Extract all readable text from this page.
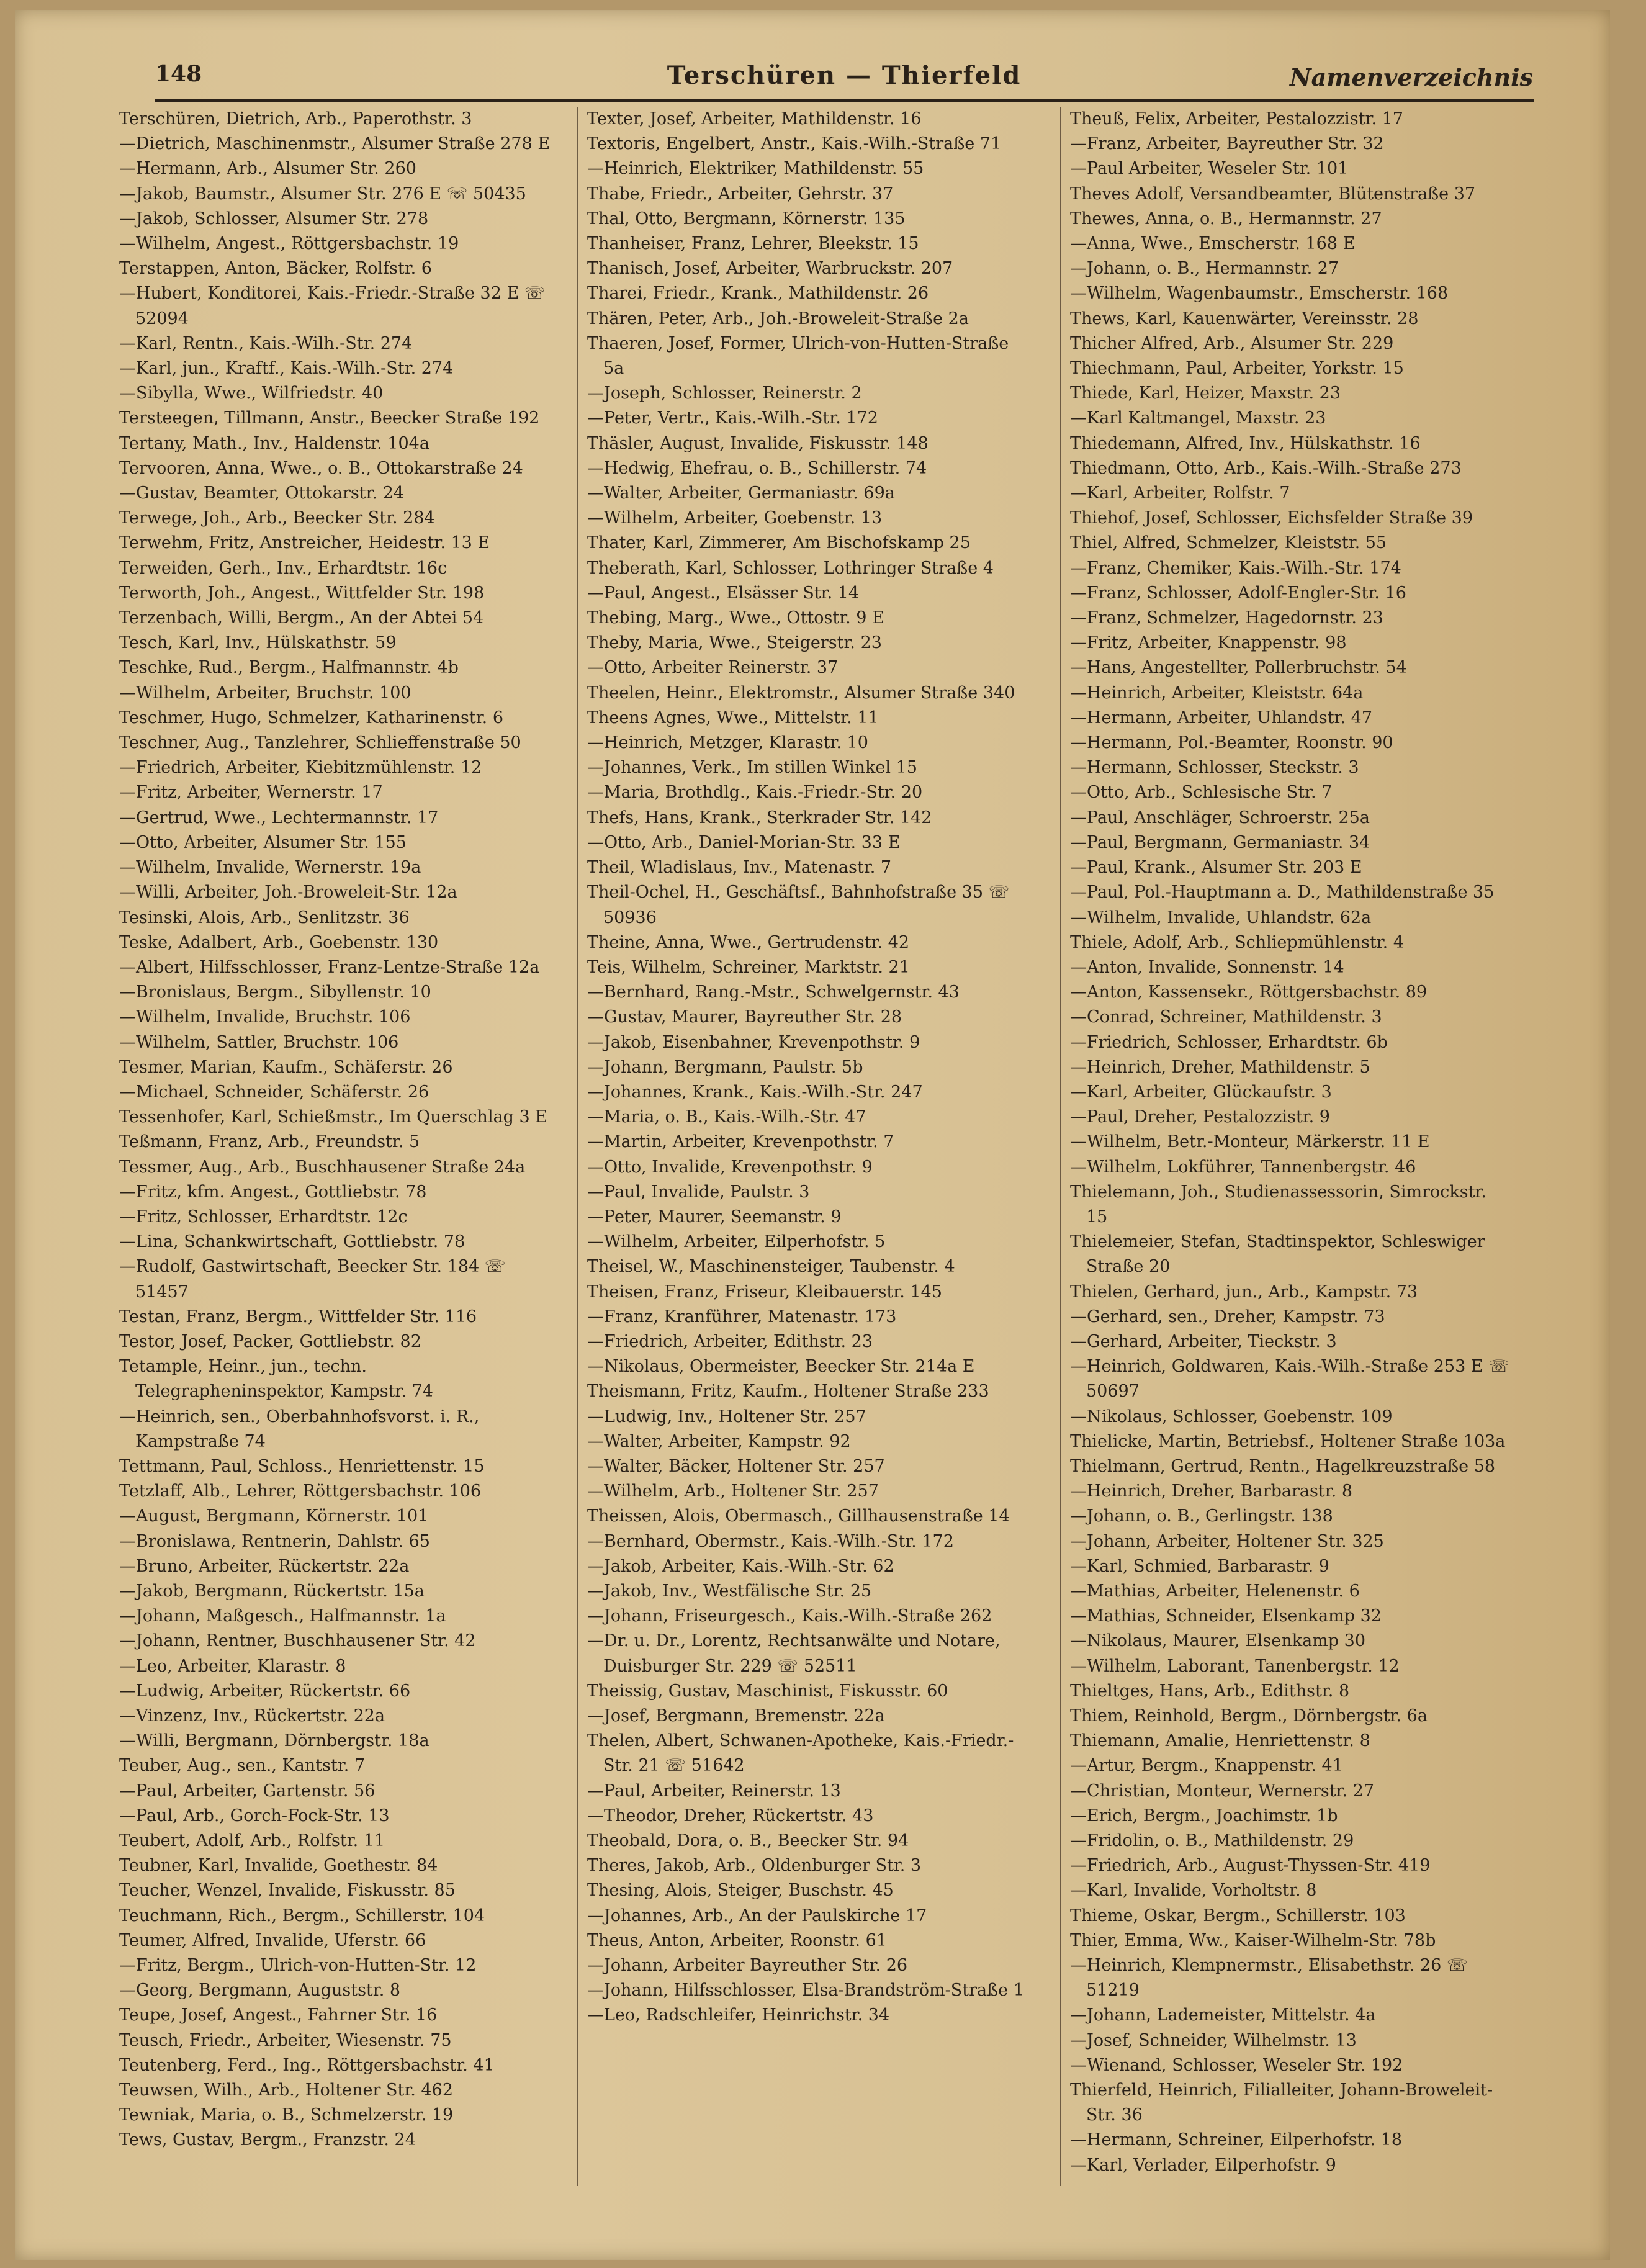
148	Terschüren — Thierfeld	Namenverzeichnis

Terschüren, Dietrich, Arb., Paperothstr. 3

—Dietrich, Maschinenmstr., Alsumer Straße 278 E

—Hermann, Arb., Alsumer Str. 260

—Jakob, Baumstr., Alsumer Str. 276 E ☏ 50435

—Jakob, Schlosser, Alsumer Str. 278

—Wilhelm, Angest., Röttgersbachstr. 19

Terstappen, Anton, Bäcker, Rolfstr. 6

—Hubert, Konditorei, Kais.-Friedr.-Straße 32 E ☏ 52094

—Karl, Rentn., Kais.-Wilh.-Str. 274

—Karl, jun., Kraftf., Kais.-Wilh.-Str. 274

—Sibylla, Wwe., Wilfriedstr. 40

Tersteegen, Tillmann, Anstr., Beecker Straße 192

Tertany, Math., Inv., Haldenstr. 104a

Tervooren, Anna, Wwe., o. B., Ottokarstraße 24

—Gustav, Beamter, Ottokarstr. 24

Terwege, Joh., Arb., Beecker Str. 284

Terwehm, Fritz, Anstreicher, Heidestr. 13 E

Terweiden, Gerh., Inv., Erhardtstr. 16c

Terworth, Joh., Angest., Wittfelder Str. 198

Terzenbach, Willi, Bergm., An der Abtei 54

Tesch, Karl, Inv., Hülskathstr. 59

Teschke, Rud., Bergm., Halfmannstr. 4b

—Wilhelm, Arbeiter, Bruchstr. 100

Teschmer, Hugo, Schmelzer, Katharinenstr. 6

Teschner, Aug., Tanzlehrer, Schlieffenstraße 50

—Friedrich, Arbeiter, Kiebitzmühlenstr. 12

—Fritz, Arbeiter, Wernerstr. 17

—Gertrud, Wwe., Lechtermannstr. 17

—Otto, Arbeiter, Alsumer Str. 155

—Wilhelm, Invalide, Wernerstr. 19a

—Willi, Arbeiter, Joh.-Broweleit-Str. 12a

Tesinski, Alois, Arb., Senlitzstr. 36

Teske, Adalbert, Arb., Goebenstr. 130

—Albert, Hilfsschlosser, Franz-Lentze-Straße 12a

—Bronislaus, Bergm., Sibyllenstr. 10

—Wilhelm, Invalide, Bruchstr. 106

—Wilhelm, Sattler, Bruchstr. 106

Tesmer, Marian, Kaufm., Schäferstr. 26

—Michael, Schneider, Schäferstr. 26

Tessenhofer, Karl, Schießmstr., Im Querschlag 3 E

Teßmann, Franz, Arb., Freundstr. 5

Tessmer, Aug., Arb., Buschhausener Straße 24a

—Fritz, kfm. Angest., Gottliebstr. 78

—Fritz, Schlosser, Erhardtstr. 12c

—Lina, Schankwirtschaft, Gottliebstr. 78

—Rudolf, Gastwirtschaft, Beecker Str. 184 ☏ 51457

Testan, Franz, Bergm., Wittfelder Str. 116

Testor, Josef, Packer, Gottliebstr. 82

Tetample, Heinr., jun., techn. Telegrapheninspektor, Kampstr. 74

—Heinrich, sen., Oberbahnhofsvorst. i. R., Kampstraße 74

Tettmann, Paul, Schloss., Henriettenstr. 15

Tetzlaff, Alb., Lehrer, Röttgersbachstr. 106

—August, Bergmann, Körnerstr. 101

—Bronislawa, Rentnerin, Dahlstr. 65

—Bruno, Arbeiter, Rückertstr. 22a

—Jakob, Bergmann, Rückertstr. 15a

—Johann, Maßgesch., Halfmannstr. 1a

—Johann, Rentner, Buschhausener Str. 42

—Leo, Arbeiter, Klarastr. 8

—Ludwig, Arbeiter, Rückertstr. 66

—Vinzenz, Inv., Rückertstr. 22a

—Willi, Bergmann, Dörnbergstr. 18a

Teuber, Aug., sen., Kantstr. 7

—Paul, Arbeiter, Gartenstr. 56

—Paul, Arb., Gorch-Fock-Str. 13

Teubert, Adolf, Arb., Rolfstr. 11

Teubner, Karl, Invalide, Goethestr. 84

Teucher, Wenzel, Invalide, Fiskusstr. 85

Teuchmann, Rich., Bergm., Schillerstr. 104

Teumer, Alfred, Invalide, Uferstr. 66

—Fritz, Bergm., Ulrich-von-Hutten-Str. 12

—Georg, Bergmann, Auguststr. 8

Teupe, Josef, Angest., Fahrner Str. 16

Teusch, Friedr., Arbeiter, Wiesenstr. 75

Teutenberg, Ferd., Ing., Röttgersbachstr. 41

Teuwsen, Wilh., Arb., Holtener Str. 462

Tewniak, Maria, o. B., Schmelzerstr. 19

Tews, Gustav, Bergm., Franzstr. 24

Texter, Josef, Arbeiter, Mathildenstr. 16

Textoris, Engelbert, Anstr., Kais.-Wilh.-Straße 71

—Heinrich, Elektriker, Mathildenstr. 55

Thabe, Friedr., Arbeiter, Gehrstr. 37

Thal, Otto, Bergmann, Körnerstr. 135

Thanheiser, Franz, Lehrer, Bleekstr. 15

Thanisch, Josef, Arbeiter, Warbruckstr. 207

Tharei, Friedr., Krank., Mathildenstr. 26

Thären, Peter, Arb., Joh.-Broweleit-Straße 2a

Thaeren, Josef, Former, Ulrich-von-Hutten-Straße 5a

—Joseph, Schlosser, Reinerstr. 2

—Peter, Vertr., Kais.-Wilh.-Str. 172

Thäsler, August, Invalide, Fiskusstr. 148

—Hedwig, Ehefrau, o. B., Schillerstr. 74

—Walter, Arbeiter, Germaniastr. 69a

—Wilhelm, Arbeiter, Goebenstr. 13

Thater, Karl, Zimmerer, Am Bischofskamp 25

Theberath, Karl, Schlosser, Lothringer Straße 4

—Paul, Angest., Elsässer Str. 14

Thebing, Marg., Wwe., Ottostr. 9 E

Theby, Maria, Wwe., Steigerstr. 23

—Otto, Arbeiter Reinerstr. 37

Theelen, Heinr., Elektromstr., Alsumer Straße 340

Theens Agnes, Wwe., Mittelstr. 11

—Heinrich, Metzger, Klarastr. 10

—Johannes, Verk., Im stillen Winkel 15

—Maria, Brothdlg., Kais.-Friedr.-Str. 20

Thefs, Hans, Krank., Sterkrader Str. 142

—Otto, Arb., Daniel-Morian-Str. 33 E

Theil, Wladislaus, Inv., Matenastr. 7

Theil-Ochel, H., Geschäftsf., Bahnhofstraße 35 ☏ 50936

Theine, Anna, Wwe., Gertrudenstr. 42

Teis, Wilhelm, Schreiner, Marktstr. 21

—Bernhard, Rang.-Mstr., Schwelgernstr. 43

—Gustav, Maurer, Bayreuther Str. 28

—Jakob, Eisenbahner, Krevenpothstr. 9

—Johann, Bergmann, Paulstr. 5b

—Johannes, Krank., Kais.-Wilh.-Str. 247

—Maria, o. B., Kais.-Wilh.-Str. 47

—Martin, Arbeiter, Krevenpothstr. 7

—Otto, Invalide, Krevenpothstr. 9

—Paul, Invalide, Paulstr. 3

—Peter, Maurer, Seemanstr. 9

—Wilhelm, Arbeiter, Eilperhofstr. 5

Theisel, W., Maschinensteiger, Taubenstr. 4

Theisen, Franz, Friseur, Kleibauerstr. 145

—Franz, Kranführer, Matenastr. 173

—Friedrich, Arbeiter, Edithstr. 23

—Nikolaus, Obermeister, Beecker Str. 214a E

Theismann, Fritz, Kaufm., Holtener Straße 233

—Ludwig, Inv., Holtener Str. 257

—Walter, Arbeiter, Kampstr. 92

—Walter, Bäcker, Holtener Str. 257

—Wilhelm, Arb., Holtener Str. 257

Theissen, Alois, Obermasch., Gillhausenstraße 14

—Bernhard, Obermstr., Kais.-Wilh.-Str. 172

—Jakob, Arbeiter, Kais.-Wilh.-Str. 62

—Jakob, Inv., Westfälische Str. 25

—Johann, Friseurgesch., Kais.-Wilh.-Straße 262

—Dr. u. Dr., Lorentz, Rechtsanwälte und Notare, Duisburger Str. 229 ☏ 52511

Theissig, Gustav, Maschinist, Fiskusstr. 60

—Josef, Bergmann, Bremenstr. 22a

Thelen, Albert, Schwanen-Apotheke, Kais.-Friedr.-Str. 21 ☏ 51642

—Paul, Arbeiter, Reinerstr. 13

—Theodor, Dreher, Rückertstr. 43

Theobald, Dora, o. B., Beecker Str. 94

Theres, Jakob, Arb., Oldenburger Str. 3

Thesing, Alois, Steiger, Buschstr. 45

—Johannes, Arb., An der Paulskirche 17

Theus, Anton, Arbeiter, Roonstr. 61

—Johann, Arbeiter Bayreuther Str. 26

—Johann, Hilfsschlosser, Elsa-Brandström-Straße 1

—Leo, Radschleifer, Heinrichstr. 34

Theuß, Felix, Arbeiter, Pestalozzistr. 17

—Franz, Arbeiter, Bayreuther Str. 32

—Paul Arbeiter, Weseler Str. 101

Theves Adolf, Versandbeamter, Blütenstraße 37

Thewes, Anna, o. B., Hermannstr. 27

—Anna, Wwe., Emscherstr. 168 E

—Johann, o. B., Hermannstr. 27

—Wilhelm, Wagenbaumstr., Emscherstr. 168

Thews, Karl, Kauenwärter, Vereinsstr. 28

Thicher Alfred, Arb., Alsumer Str. 229

Thiechmann, Paul, Arbeiter, Yorkstr. 15

Thiede, Karl, Heizer, Maxstr. 23

—Karl Kaltmangel, Maxstr. 23

Thiedemann, Alfred, Inv., Hülskathstr. 16

Thiedmann, Otto, Arb., Kais.-Wilh.-Straße 273

—Karl, Arbeiter, Rolfstr. 7

Thiehof, Josef, Schlosser, Eichsfelder Straße 39

Thiel, Alfred, Schmelzer, Kleiststr. 55

—Franz, Chemiker, Kais.-Wilh.-Str. 174

—Franz, Schlosser, Adolf-Engler-Str. 16

—Franz, Schmelzer, Hagedornstr. 23

—Fritz, Arbeiter, Knappenstr. 98

—Hans, Angestellter, Pollerbruchstr. 54

—Heinrich, Arbeiter, Kleiststr. 64a

—Hermann, Arbeiter, Uhlandstr. 47

—Hermann, Pol.-Beamter, Roonstr. 90

—Hermann, Schlosser, Steckstr. 3

—Otto, Arb., Schlesische Str. 7

—Paul, Anschläger, Schroerstr. 25a

—Paul, Bergmann, Germaniastr. 34

—Paul, Krank., Alsumer Str. 203 E

—Paul, Pol.-Hauptmann a. D., Mathildenstraße 35

—Wilhelm, Invalide, Uhlandstr. 62a

Thiele, Adolf, Arb., Schliepmühlenstr. 4

—Anton, Invalide, Sonnenstr. 14

—Anton, Kassensekr., Röttgersbachstr. 89

—Conrad, Schreiner, Mathildenstr. 3

—Friedrich, Schlosser, Erhardtstr. 6b

—Heinrich, Dreher, Mathildenstr. 5

—Karl, Arbeiter, Glückaufstr. 3

—Paul, Dreher, Pestalozzistr. 9

—Wilhelm, Betr.-Monteur, Märkerstr. 11 E

—Wilhelm, Lokführer, Tannenbergstr. 46

Thielemann, Joh., Studienassessorin, Simrockstr. 15

Thielemeier, Stefan, Stadtinspektor, Schleswiger Straße 20

Thielen, Gerhard, jun., Arb., Kampstr. 73

—Gerhard, sen., Dreher, Kampstr. 73

—Gerhard, Arbeiter, Tieckstr. 3

—Heinrich, Goldwaren, Kais.-Wilh.-Straße 253 E ☏ 50697

—Nikolaus, Schlosser, Goebenstr. 109

Thielicke, Martin, Betriebsf., Holtener Straße 103a

Thielmann, Gertrud, Rentn., Hagelkreuzstraße 58

—Heinrich, Dreher, Barbarastr. 8

—Johann, o. B., Gerlingstr. 138

—Johann, Arbeiter, Holtener Str. 325

—Karl, Schmied, Barbarastr. 9

—Mathias, Arbeiter, Helenenstr. 6

—Mathias, Schneider, Elsenkamp 32

—Nikolaus, Maurer, Elsenkamp 30

—Wilhelm, Laborant, Tanenbergstr. 12

Thieltges, Hans, Arb., Edithstr. 8

Thiem, Reinhold, Bergm., Dörnbergstr. 6a

Thiemann, Amalie, Henriettenstr. 8

—Artur, Bergm., Knappenstr. 41

—Christian, Monteur, Wernerstr. 27

—Erich, Bergm., Joachimstr. 1b

—Fridolin, o. B., Mathildenstr. 29

—Friedrich, Arb., August-Thyssen-Str. 419

—Karl, Invalide, Vorholtstr. 8

Thieme, Oskar, Bergm., Schillerstr. 103

Thier, Emma, Ww., Kaiser-Wilhelm-Str. 78b

—Heinrich, Klempnermstr., Elisabethstr. 26 ☏ 51219

—Johann, Lademeister, Mittelstr. 4a

—Josef, Schneider, Wilhelmstr. 13

—Wienand, Schlosser, Weseler Str. 192

Thierfeld, Heinrich, Filialleiter, Johann-Broweleit-Str. 36

—Hermann, Schreiner, Eilperhofstr. 18

—Karl, Verlader, Eilperhofstr. 9
